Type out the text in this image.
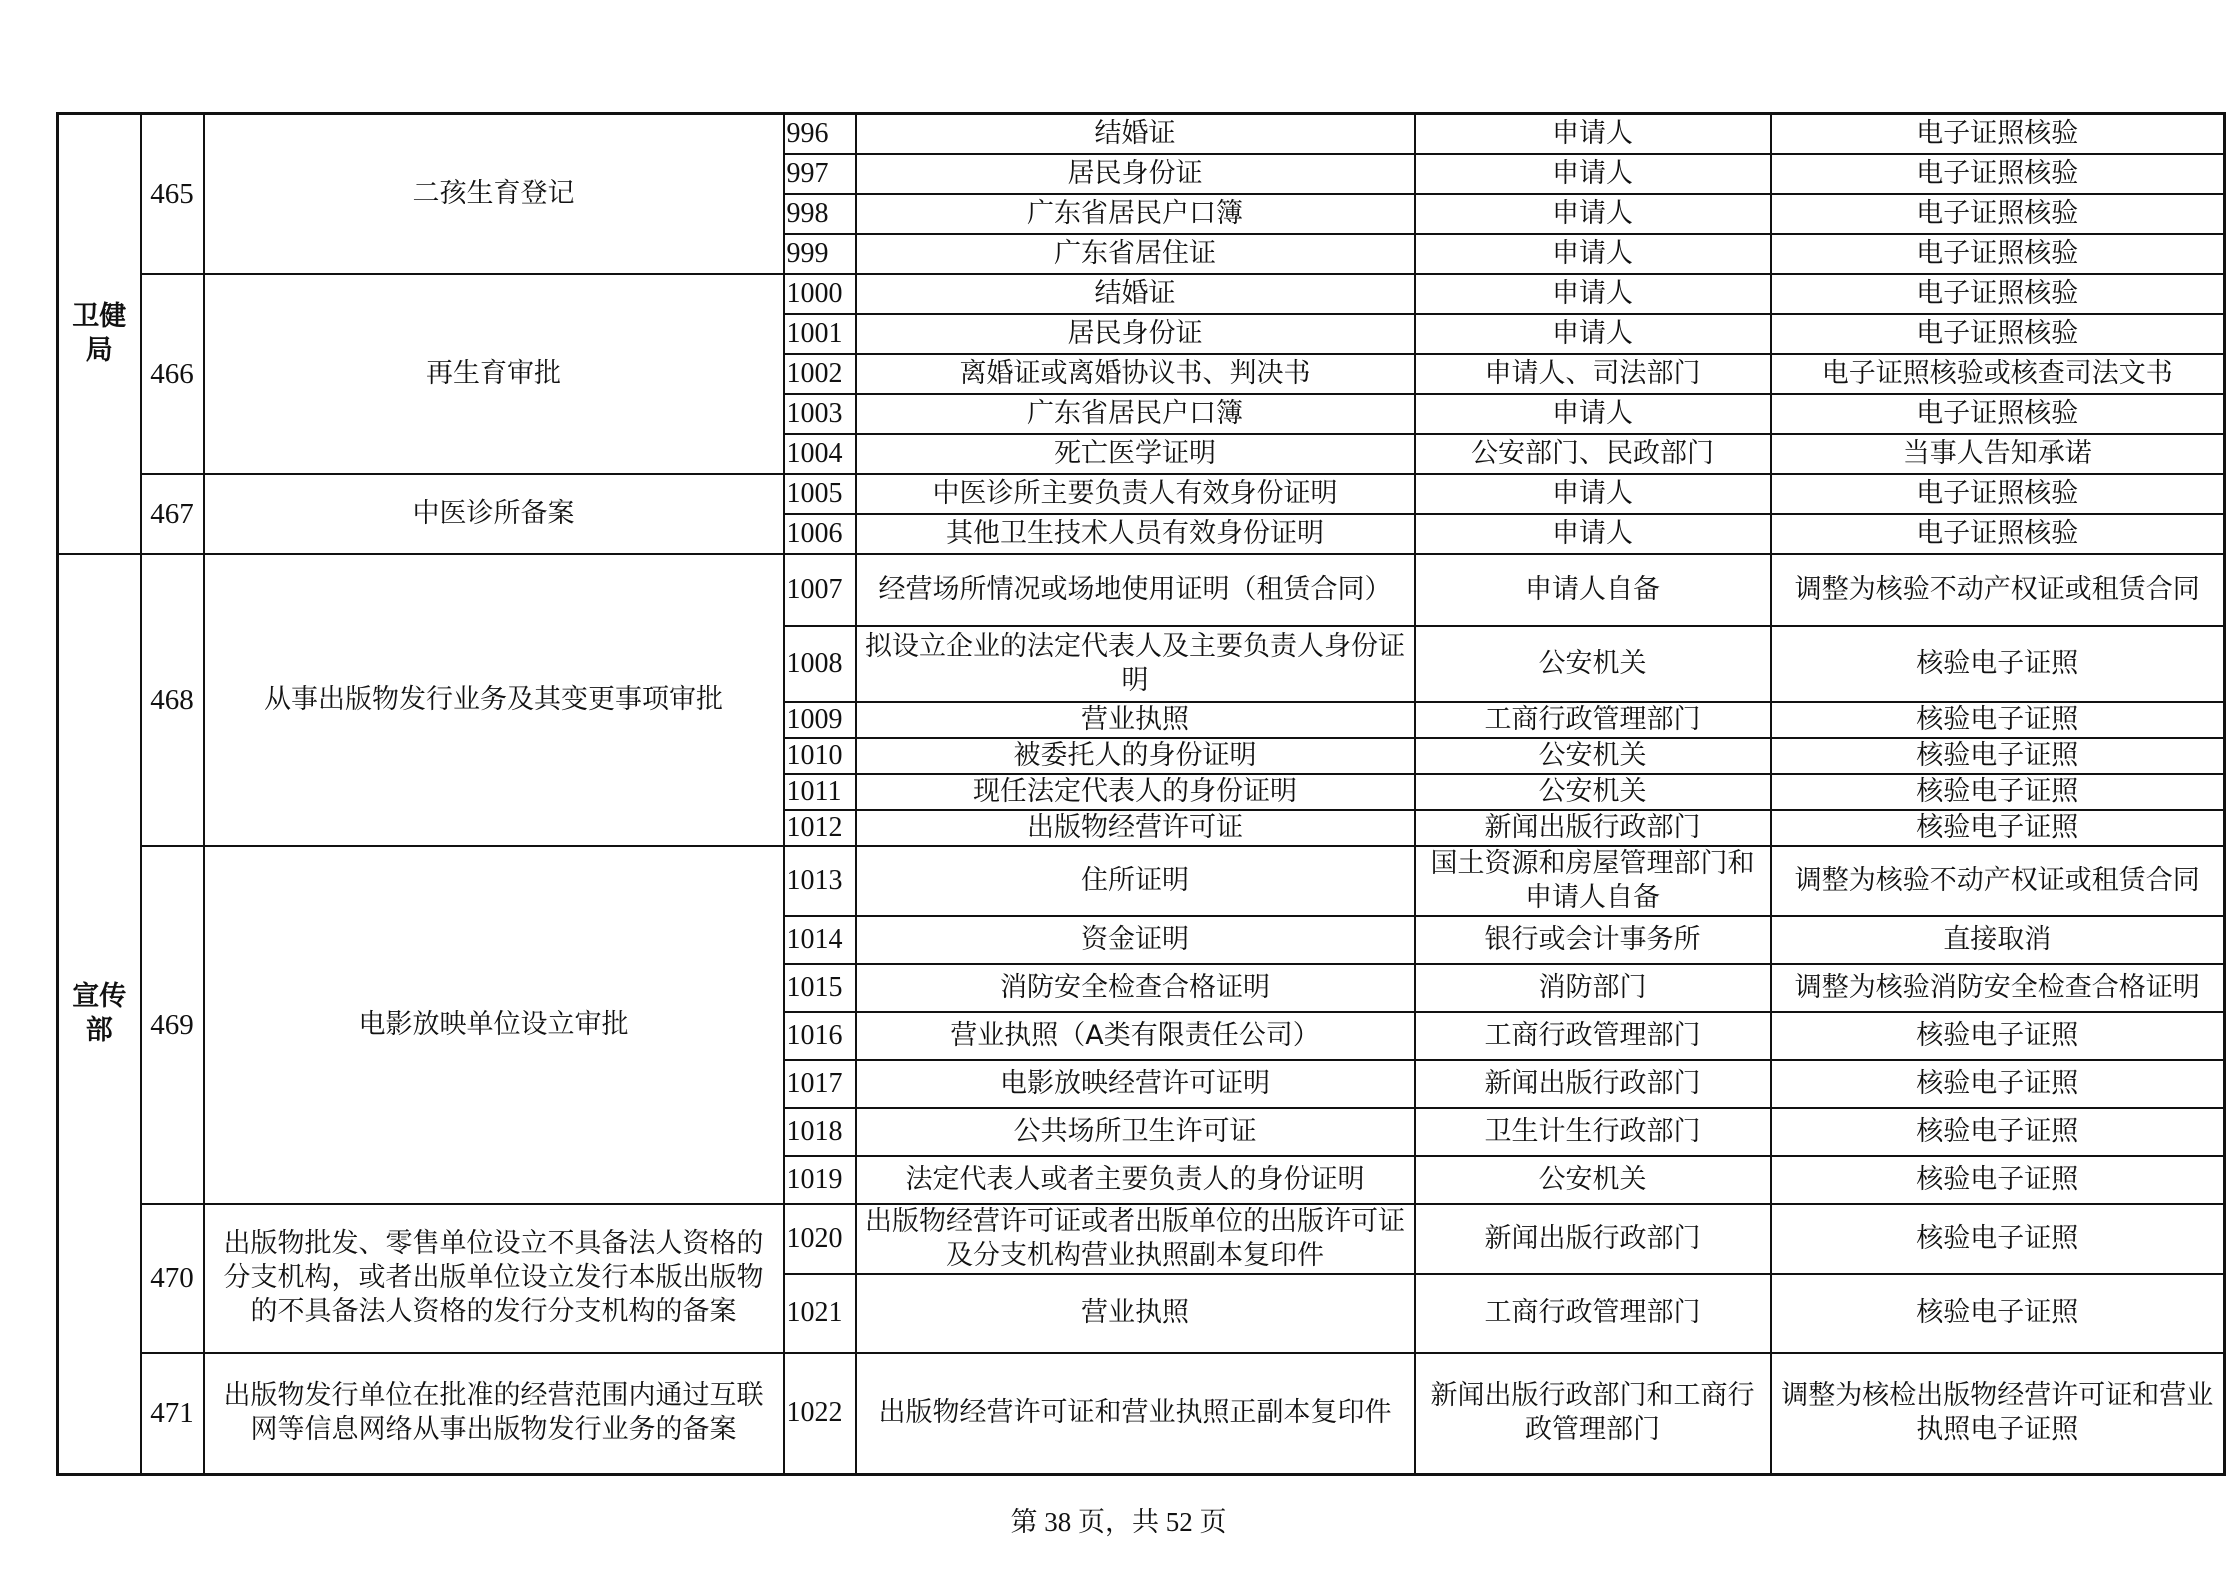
卫健局	465	二孩生育登记	996	结婚证	申请人	电子证照核验
			997	居民身份证	申请人	电子证照核验
			998	广东省居民户口簿	申请人	电子证照核验
			999	广东省居住证	申请人	电子证照核验
	466	再生育审批	1000	结婚证	申请人	电子证照核验
			1001	居民身份证	申请人	电子证照核验
			1002	离婚证或离婚协议书、判决书	申请人、司法部门	电子证照核验或核查司法文书
			1003	广东省居民户口簿	申请人	电子证照核验
			1004	死亡医学证明	公安部门、民政部门	当事人告知承诺
	467	中医诊所备案	1005	中医诊所主要负责人有效身份证明	申请人	电子证照核验
			1006	其他卫生技术人员有效身份证明	申请人	电子证照核验
宣传部	468	从事出版物发行业务及其变更事项审批	1007	经营场所情况或场地使用证明（租赁合同）	申请人自备	调整为核验不动产权证或租赁合同
			1008	拟设立企业的法定代表人及主要负责人身份证明	公安机关	核验电子证照
			1009	营业执照	工商行政管理部门	核验电子证照
			1010	被委托人的身份证明	公安机关	核验电子证照
			1011	现任法定代表人的身份证明	公安机关	核验电子证照
			1012	出版物经营许可证	新闻出版行政部门	核验电子证照
	469	电影放映单位设立审批	1013	住所证明	国土资源和房屋管理部门和申请人自备	调整为核验不动产权证或租赁合同
			1014	资金证明	银行或会计事务所	直接取消
			1015	消防安全检查合格证明	消防部门	调整为核验消防安全检查合格证明
			1016	营业执照（A类有限责任公司）	工商行政管理部门	核验电子证照
			1017	电影放映经营许可证明	新闻出版行政部门	核验电子证照
			1018	公共场所卫生许可证	卫生计生行政部门	核验电子证照
			1019	法定代表人或者主要负责人的身份证明	公安机关	核验电子证照
	470	出版物批发、零售单位设立不具备法人资格的分支机构，或者出版单位设立发行本版出版物的不具备法人资格的发行分支机构的备案	1020	出版物经营许可证或者出版单位的出版许可证及分支机构营业执照副本复印件	新闻出版行政部门	核验电子证照
			1021	营业执照	工商行政管理部门	核验电子证照
	471	出版物发行单位在批准的经营范围内通过互联网等信息网络从事出版物发行业务的备案	1022	出版物经营许可证和营业执照正副本复印件	新闻出版行政部门和工商行政管理部门	调整为核检出版物经营许可证和营业执照电子证照
第 38 页，共 52 页
